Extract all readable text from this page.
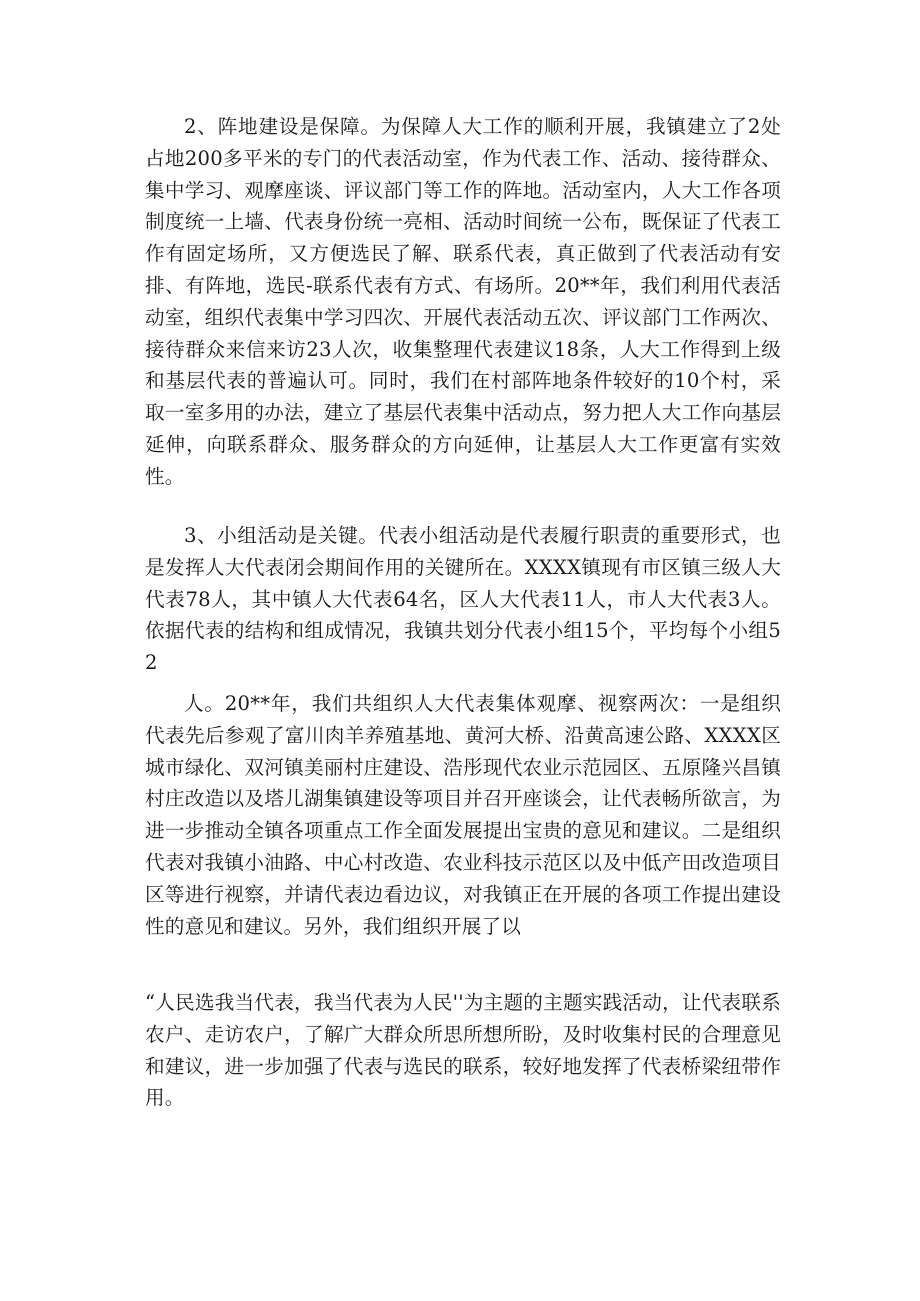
2、阵地建设是保障。为保障人大工作的顺利开展，我镇建立了2处占地200多平米的专门的代表活动室，作为代表工作、活动、接待群众、集中学习、观摩座谈、评议部门等工作的阵地。活动室内，人大工作各项制度统一上墙、代表身份统一亮相、活动时间统一公布，既保证了代表工作有固定场所，又方便选民了解、联系代表，真正做到了代表活动有安排、有阵地，选民-联系代表有方式、有场所。20**年，我们利用代表活动室，组织代表集中学习四次、开展代表活动五次、评议部门工作两次、接待群众来信来访23人次，收集整理代表建议18条，人大工作得到上级和基层代表的普遍认可。同时，我们在村部阵地条件较好的10个村，采取一室多用的办法，建立了基层代表集中活动点，努力把人大工作向基层延伸，向联系群众、服务群众的方向延伸，让基层人大工作更富有实效性。

3、小组活动是关键。代表小组活动是代表履行职责的重要形式，也是发挥人大代表闭会期间作用的关键所在。XXXX镇现有市区镇三级人大代表78人，其中镇人大代表64名，区人大代表11人，市人大代表3人。依据代表的结构和组成情况，我镇共划分代表小组15个，平均每个小组52

人。20**年，我们共组织人大代表集体观摩、视察两次：一是组织代表先后参观了富川肉羊养殖基地、黄河大桥、沿黄高速公路、XXXX区城市绿化、双河镇美丽村庄建设、浩彤现代农业示范园区、五原隆兴昌镇村庄改造以及塔儿湖集镇建设等项目并召开座谈会，让代表畅所欲言，为进一步推动全镇各项重点工作全面发展提出宝贵的意见和建议。二是组织代表对我镇小油路、中心村改造、农业科技示范区以及中低产田改造项目区等进行视察，并请代表边看边议，对我镇正在开展的各项工作提出建设性的意见和建议。另外，我们组织开展了以

“人民选我当代表，我当代表为人民''为主题的主题实践活动，让代表联系农户、走访农户，了解广大群众所思所想所盼，及时收集村民的合理意见和建议，进一步加强了代表与选民的联系，较好地发挥了代表桥梁纽带作用。
